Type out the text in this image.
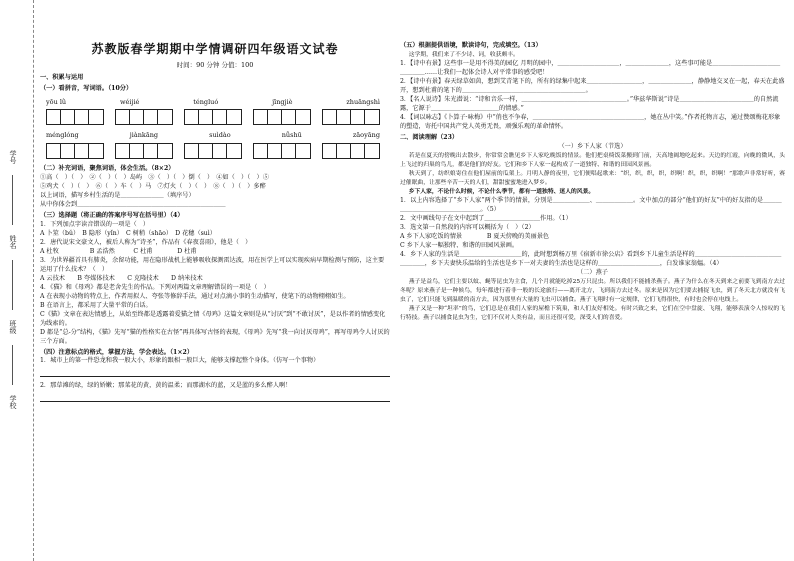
学号
姓名
班级
学校
苏教版春学期期中学情调研四年级语文试卷
时间：90 分钟 分值：100
一、积累与运用
（一）看拼音，写词语。（10分）
yōu lǜ	wéijié	téngluó	jīngjiè	zhuāngshì
ménglóng	jiànkāng	suìdào	nǚshū	zāoyāng
（二）补充词语，聚焦词语，体会生活。（8×2）
①高（　）（　）　②（　）（　）岛屿　③（　）（　）倒（　）　④如（　）（　）⑤
⑤鸡犬（　）（　）　⑥（　）车（　）马　⑦灯火（　）（　）　⑧（　）（　）多醉
以上词语，描写乡村生活的是＿＿＿＿＿＿＿（填序号）
从中你体会到＿＿＿＿＿＿＿＿＿＿＿＿＿＿＿＿＿＿＿＿＿＿＿＿
（三）选择题（将正确的答案序号写在括号里）（4）
1．下列加点字读音错误的一项是（　）
A 卜筮（bǔ）　B 隐形（yǐn）　C 树稍（shāo）　D 花穗（suì）
2．唐代说宋文豪文人，被后人称为“诗圣”，作品有《春夜喜雨》，他是（　）
A 杜牧　　　　　B 孟浩然　　　C 杜甫　　　　D 杜甫
3．为世界疆首具有肺炎，余留功能，用在隐形战机上能够吸收探测雷达波，用在医学上可以实现疾病早期检测与预防，这主要运用了什么技术？（　）
A 云技术　　B 夸媒体技术　　C 克隆技术　　D 纳米技术
4．《猫》和《母鸡》都是老舍先生的作品。下列对两篇文章理解错误的一项是（　）
A 在表现小动物的特点上，作者用拟人、夸张等修辞手法，通过对点滴小事的生动描写，使笔下的动物栩栩如生。
B 在语言上，都采用了大量平常的白话。
C《猫》文章在表达情感上，从始至终都是透露着爱猫之情《母鸡》这篇文章则是从“讨厌”到“不敢讨厌”，是以作者的情感变化为线索的。
D 都是“总-分”结构，《猫》先写“猫的性格实在古怪”再具体写古怪的表现，《母鸡》先写“我一向讨厌母鸡”，再写母鸡令人讨厌的三个方面。
（四）注意标点的格式，掌握方法，学会表达。（1×2）
1．城市上的第一件恐龙和我一般大小，形象的跟相一般巨大，能够支撑起整个身体。（仿写一个事物）
2．那草滩的绿，绿的娇嫩；那菜花的黄，黄的温柔；而那湖水的蓝，又是蓝的多么醉人啊！
（五）根据提供语境，默读诗句，完成填空。（13）
这学期，我们来了不少诗、词，收获颇丰。
1．【诗中有景】这些事一是用不得美的园亿 月明的园中，＿＿＿＿＿＿＿＿＿＿，＿＿＿＿＿＿＿，这些事可能是＿＿＿＿＿＿＿＿＿＿＿＿＿＿＿……让我们一起体会诗人对平常事的感受吧！
2．【诗中有景】春天绿草如茵，想到艾青笔下的，所有的绿集中起来＿＿＿＿＿＿＿＿＿，＿＿＿＿＿＿＿，静静地交叉在一起，春天在此盛开，想到杜甫的笔下的＿＿＿＿＿＿＿＿＿＿＿＿＿＿＿＿＿＿＿＿。
3．【名人说诗】朱光潜说：“诗和音乐一样，＿＿＿＿＿＿＿＿＿＿＿＿＿＿＿＿＿。”华兹华斯说“诗是＿＿＿＿＿＿＿＿＿＿＿＿的自然流露，它源于＿＿＿＿＿＿＿＿＿＿＿的情感。”
4．【词以咏志】《卜算子·咏梅》中“俏也不争春，＿＿＿＿＿＿＿＿＿＿＿＿＿＿＿＿＿＿，她在丛中笑。”作者托物言志，通过赞颂梅花形象的塑造，寄托中国共产党人英勇无畏，顽强乐观的革命情怀。
二、阅读理解（23）
（一）乡下人家（节选）
若是在夏天的傍晚出去散步，你常常会瞧见乡下人家吃晚饭的情景。他们把桌椅饭菜搬到门前，天高地阔地吃起来。天边的红霞，向晚的微风，头上飞过的归巢的鸟儿，都是他们的好友。它们和乡下人家一起构成了一道独特、和谐的田园风景画。
秋天到了，纺织娘寄住在他们屋前的瓜架上。月明人静的夜里，它们便唱起歌来：“织，织，织，织，织啊！织，织，织啊！”那歌声非常好听，赛过催眠曲，让那些辛苦一天的人们，甜甜蜜蜜地进入梦乡。
乡下人家，不论什么时候，不论什么季节，都有一道独特、迷人的风景。
1．以上内容选择了“乡下人家”两个季节的情景，分别是＿＿＿＿＿＿、＿＿＿＿＿＿。文中加点的部分“他们的好友”中的好友指的是＿＿＿＿＿＿＿＿＿＿＿＿＿＿＿＿。（5）
2．文中画线句子在文中起到了＿＿＿＿＿＿＿＿＿作用。（1）
3．选文第一自然段的内容可以概括为（　）（2）
A 乡下人家吃饭的情景　　　　B 夏天傍晚的美丽景色
C 乡下人家一幅独特、和谐的田园风景画。
4．乡下人家的生活是＿＿＿＿＿＿＿＿＿＿的，此时想到杨万里《宿新市徐公店》看到乡下儿童生活是样的＿＿＿＿＿＿＿＿＿＿＿＿＿＿＿＿＿＿，乡下夫妻快乐温给的生活也是乡下一对夫妻的生活也是这样的＿＿＿＿＿＿＿＿＿＿，白发谁家翁媪。（4）
（二）燕子
燕子是益鸟，它们主要以蚊、蝇等昆虫为主食，几个月就能吃掉25万只昆虫。所以我们不能捕杀燕子。燕子为什么在冬天到来之前要飞到南方去过冬呢？原来燕子是一种候鸟，每年都进行着非一般的长途旅行——离开北方，飞到南方去过冬。原来是因为它们要去捕捉飞虫，到了冬天北方就没有飞虫了，它们只能飞到温暖的南方去，因为那里有大量的飞虫可以捕食。燕子飞翔时有一定规律，它们飞得很快，有时也会停在电线上。
燕子又是一种“坦率”的鸟，它们总是在我们人家的屋檐下筑巢，和人们友好相处。有时兴致之来，它们在空中盘旋、飞翔，能够表演令人惊叹的飞行特技。燕子以捕食昆虫为生，它们不仅对人类有益，而且还很可爱，深受人们的喜爱。
